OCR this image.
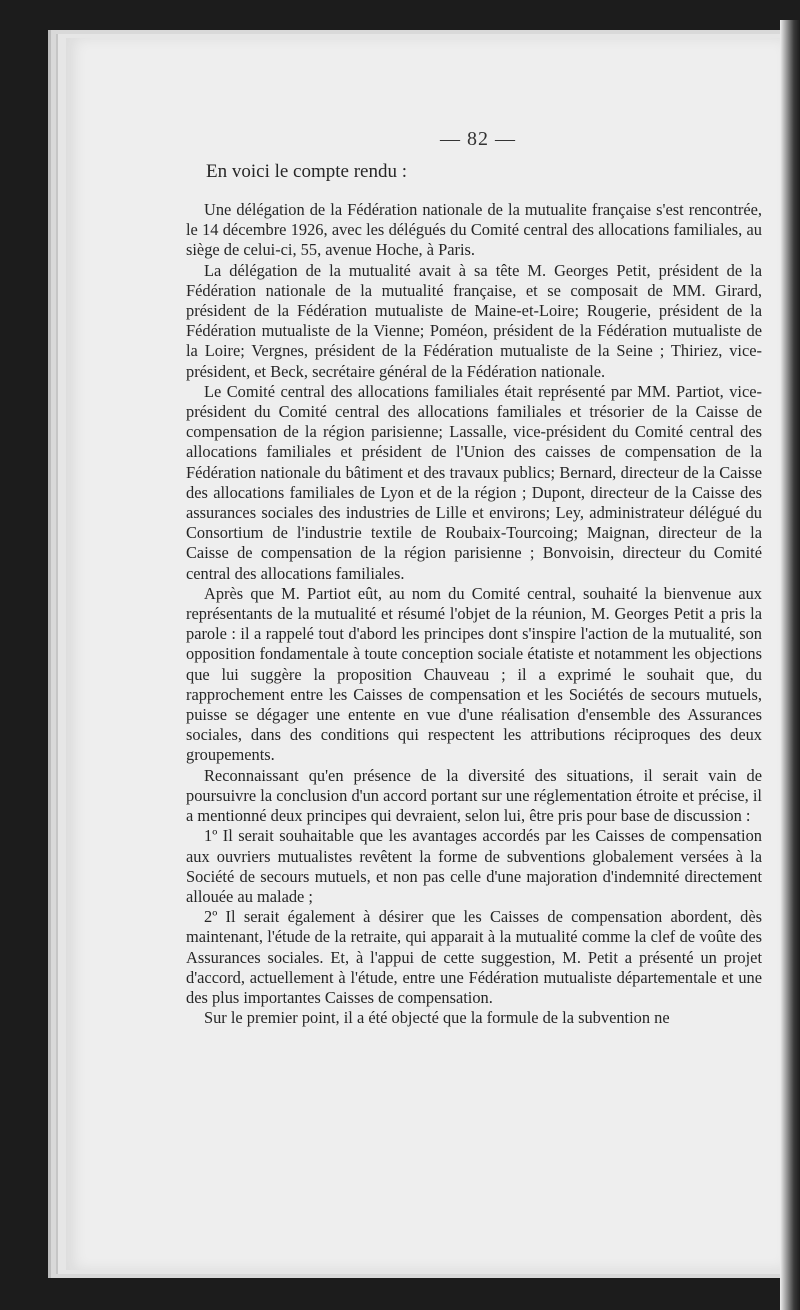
— 82 —

En voici le compte rendu :

Une délégation de la Fédération nationale de la mutualite française s'est rencontrée, le 14 décembre 1926, avec les délégués du Comité central des allocations familiales, au siège de celui-ci, 55, avenue Hoche, à Paris.

La délégation de la mutualité avait à sa tête M. Georges Petit, président de la Fédération nationale de la mutualité française, et se composait de MM. Girard, président de la Fédération mutualiste de Maine-et-Loire; Rougerie, président de la Fédération mutualiste de la Vienne; Poméon, président de la Fédération mutualiste de la Loire; Vergnes, président de la Fédération mutualiste de la Seine ; Thiriez, vice-président, et Beck, secrétaire général de la Fédération nationale.

Le Comité central des allocations familiales était représenté par MM. Partiot, vice-président du Comité central des allocations familiales et trésorier de la Caisse de compensation de la région parisienne; Lassalle, vice-président du Comité central des allocations familiales et président de l'Union des caisses de compensation de la Fédération nationale du bâtiment et des travaux publics; Bernard, directeur de la Caisse des allocations familiales de Lyon et de la région ; Dupont, directeur de la Caisse des assurances sociales des industries de Lille et environs; Ley, administrateur délégué du Consortium de l'industrie textile de Roubaix-Tourcoing; Maignan, directeur de la Caisse de compensation de la région parisienne ; Bonvoisin, directeur du Comité central des allocations familiales.

Après que M. Partiot eût, au nom du Comité central, souhaité la bienvenue aux représentants de la mutualité et résumé l'objet de la réunion, M. Georges Petit a pris la parole : il a rappelé tout d'abord les principes dont s'inspire l'action de la mutualité, son opposition fondamentale à toute conception sociale étatiste et notamment les objections que lui suggère la proposition Chauveau ; il a exprimé le souhait que, du rapprochement entre les Caisses de compensation et les Sociétés de secours mutuels, puisse se dégager une entente en vue d'une réalisation d'ensemble des Assurances sociales, dans des conditions qui respectent les attributions réciproques des deux groupements.

Reconnaissant qu'en présence de la diversité des situations, il serait vain de poursuivre la conclusion d'un accord portant sur une réglementation étroite et précise, il a mentionné deux principes qui devraient, selon lui, être pris pour base de discussion :

1º Il serait souhaitable que les avantages accordés par les Caisses de compensation aux ouvriers mutualistes revêtent la forme de subventions globalement versées à la Société de secours mutuels, et non pas celle d'une majoration d'indemnité directement allouée au malade ;

2º Il serait également à désirer que les Caisses de compensation abordent, dès maintenant, l'étude de la retraite, qui apparait à la mutualité comme la clef de voûte des Assurances sociales. Et, à l'appui de cette suggestion, M. Petit a présenté un projet d'accord, actuellement à l'étude, entre une Fédération mutualiste départementale et une des plus importantes Caisses de compensation.

Sur le premier point, il a été objecté que la formule de la subvention ne
